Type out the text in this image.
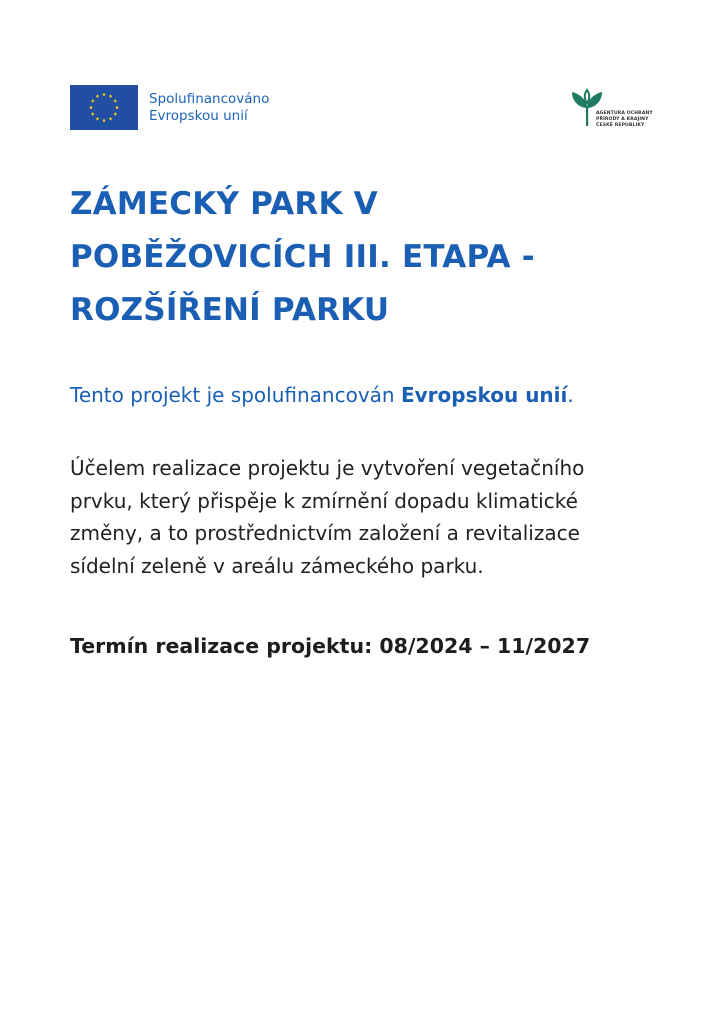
Spolufinancováno
Evropskou unií	AGENTURA OCHRANY
PŘÍRODY A KRAJINY
ČESKÉ REPUBLIKY
ZÁMECKÝ PARK V
POBĚŽOVICÍCH III. ETAPA -
ROZŠÍŘENÍ PARKU

Tento projekt je spolufinancován Evropskou unií.

Účelem realizace projektu je vytvoření vegetačního
prvku, který přispěje k zmírnění dopadu klimatické
změny, a to prostřednictvím založení a revitalizace
sídelní zeleně v areálu zámeckého parku.

Termín realizace projektu: 08/2024 – 11/2027
